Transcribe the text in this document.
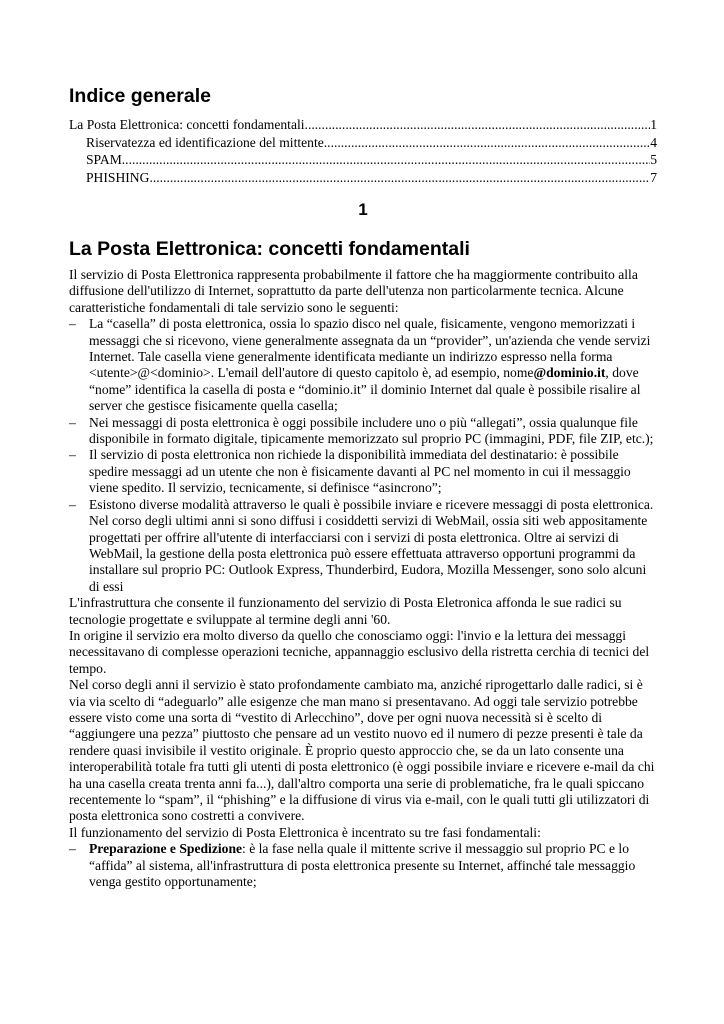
Indice generale
La Posta Elettronica: concetti fondamentali .....	1
Riservatezza ed identificazione del mittente .....	4
SPAM .....	5
PHISHING .....	7
1
La Posta Elettronica: concetti fondamentali

Il servizio di Posta Elettronica rappresenta probabilmente il fattore che ha maggiormente contribuito alla diffusione dell'utilizzo di Internet, soprattutto da parte dell'utenza non particolarmente tecnica. Alcune caratteristiche fondamentali di tale servizio sono le seguenti:

– La “casella” di posta elettronica, ossia lo spazio disco nel quale, fisicamente, vengono memorizzati i messaggi che si ricevono, viene generalmente assegnata da un “provider”, un'azienda che vende servizi Internet. Tale casella viene generalmente identificata mediante un indirizzo espresso nella forma <utente>@<dominio>. L'email dell'autore di questo capitolo è, ad esempio, nome@dominio.it, dove “nome” identifica la casella di posta e “dominio.it” il dominio Internet dal quale è possibile risalire al server che gestisce fisicamente quella casella;
– Nei messaggi di posta elettronica è oggi possibile includere uno o più “allegati”, ossia qualunque file disponibile in formato digitale, tipicamente memorizzato sul proprio PC (immagini, PDF, file ZIP, etc.);
– Il servizio di posta elettronica non richiede la disponibilità immediata del destinatario: è possibile spedire messaggi ad un utente che non è fisicamente davanti al PC nel momento in cui il messaggio viene spedito. Il servizio, tecnicamente, si definisce “asincrono”;
– Esistono diverse modalità attraverso le quali è possibile inviare e ricevere messaggi di posta elettronica. Nel corso degli ultimi anni si sono diffusi i cosiddetti servizi di WebMail, ossia siti web appositamente progettati per offrire all'utente di interfacciarsi con i servizi di posta elettronica. Oltre ai servizi di WebMail, la gestione della posta elettronica può essere effettuata attraverso opportuni programmi da installare sul proprio PC: Outlook Express, Thunderbird, Eudora, Mozilla Messenger, sono solo alcuni di essi

L'infrastruttura che consente il funzionamento del servizio di Posta Eletronica affonda le sue radici su tecnologie progettate e sviluppate al termine degli anni '60.

In origine il servizio era molto diverso da quello che conosciamo oggi: l'invio e la lettura dei messaggi necessitavano di complesse operazioni tecniche, appannaggio esclusivo della ristretta cerchia di tecnici del tempo.

Nel corso degli anni il servizio è stato profondamente cambiato ma, anziché riprogettarlo dalle radici, si è via via scelto di “adeguarlo” alle esigenze che man mano si presentavano. Ad oggi tale servizio potrebbe essere visto come una sorta di “vestito di Arlecchino”, dove per ogni nuova necessità si è scelto di “aggiungere una pezza” piuttosto che pensare ad un vestito nuovo ed il numero di pezze presenti è tale da rendere quasi invisibile il vestito originale. È proprio questo approccio che, se da un lato consente una interoperabilità totale fra tutti gli utenti di posta elettronico (è oggi possibile inviare e ricevere e-mail da chi ha una casella creata trenta anni fa...), dall'altro comporta una serie di problematiche, fra le quali spiccano recentemente lo “spam”, il “phishing” e la diffusione di virus via e-mail, con le quali tutti gli utilizzatori di posta elettronica sono costretti a convivere.

Il funzionamento del servizio di Posta Elettronica è incentrato su tre fasi fondamentali:

– Preparazione e Spedizione: è la fase nella quale il mittente scrive il messaggio sul proprio PC e lo “affida” al sistema, all'infrastruttura di posta elettronica presente su Internet, affinché tale messaggio venga gestito opportunamente;
